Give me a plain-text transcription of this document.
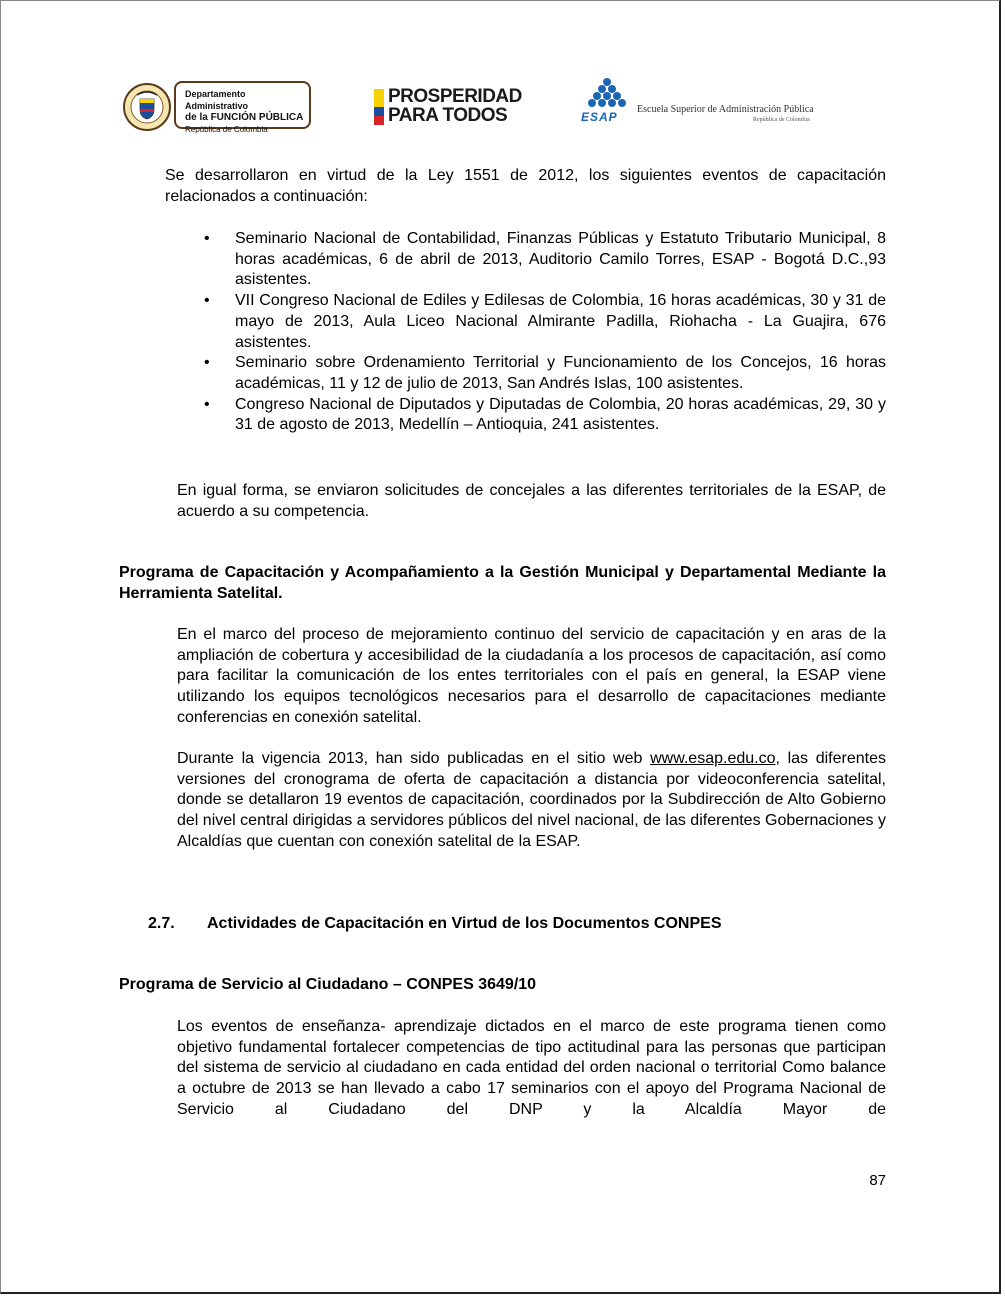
Departamento Administrativo
de la FUNCIÓN PÚBLICA
República de Colombia
PROSPERIDAD
PARA TODOS	ESAP
Escuela Superior de Administración Pública
República de Colombia
Se desarrollaron en virtud de la Ley 1551 de 2012, los siguientes eventos de capacitación relacionados a continuación:
• Seminario Nacional de Contabilidad, Finanzas Públicas y Estatuto Tributario Municipal, 8 horas académicas, 6 de abril de 2013, Auditorio Camilo Torres, ESAP - Bogotá D.C.,93 asistentes.
• VII Congreso Nacional de Ediles y Edilesas de Colombia, 16 horas académicas, 30 y 31 de mayo de 2013, Aula Liceo Nacional Almirante Padilla, Riohacha - La Guajira, 676 asistentes.
• Seminario sobre Ordenamiento Territorial y Funcionamiento de los Concejos, 16 horas académicas, 11 y 12 de julio de 2013, San Andrés Islas, 100 asistentes.
• Congreso Nacional de Diputados y Diputadas de Colombia, 20 horas académicas, 29, 30 y 31 de agosto de 2013, Medellín – Antioquia, 241 asistentes.
En igual forma, se enviaron solicitudes de concejales a las diferentes territoriales de la ESAP, de acuerdo a su competencia.
Programa de Capacitación y Acompañamiento a la Gestión Municipal y Departamental Mediante la Herramienta Satelital.
En el marco del proceso de mejoramiento continuo del servicio de capacitación y en aras de la ampliación de cobertura y accesibilidad de la ciudadanía a los procesos de capacitación, así como para facilitar la comunicación de los entes territoriales con el país en general, la ESAP viene utilizando los equipos tecnológicos necesarios para el desarrollo de capacitaciones mediante conferencias en conexión satelital.
Durante la vigencia 2013, han sido publicadas en el sitio web www.esap.edu.co, las diferentes versiones del cronograma de oferta de capacitación a distancia por videoconferencia satelital, donde se detallaron 19 eventos de capacitación, coordinados por la Subdirección de Alto Gobierno del nivel central dirigidas a servidores públicos del nivel nacional, de las diferentes Gobernaciones y Alcaldías que cuentan con conexión satelital de la ESAP.
2.7. Actividades de Capacitación en Virtud de los Documentos CONPES
Programa de Servicio al Ciudadano – CONPES 3649/10
Los eventos de enseñanza- aprendizaje dictados en el marco de este programa tienen como objetivo fundamental fortalecer competencias de tipo actitudinal para las personas que participan del sistema de servicio al ciudadano en cada entidad del orden nacional o territorial Como balance a octubre de 2013 se han llevado a cabo 17 seminarios con el apoyo del Programa Nacional de Servicio al Ciudadano del DNP y la Alcaldía Mayor de
87
